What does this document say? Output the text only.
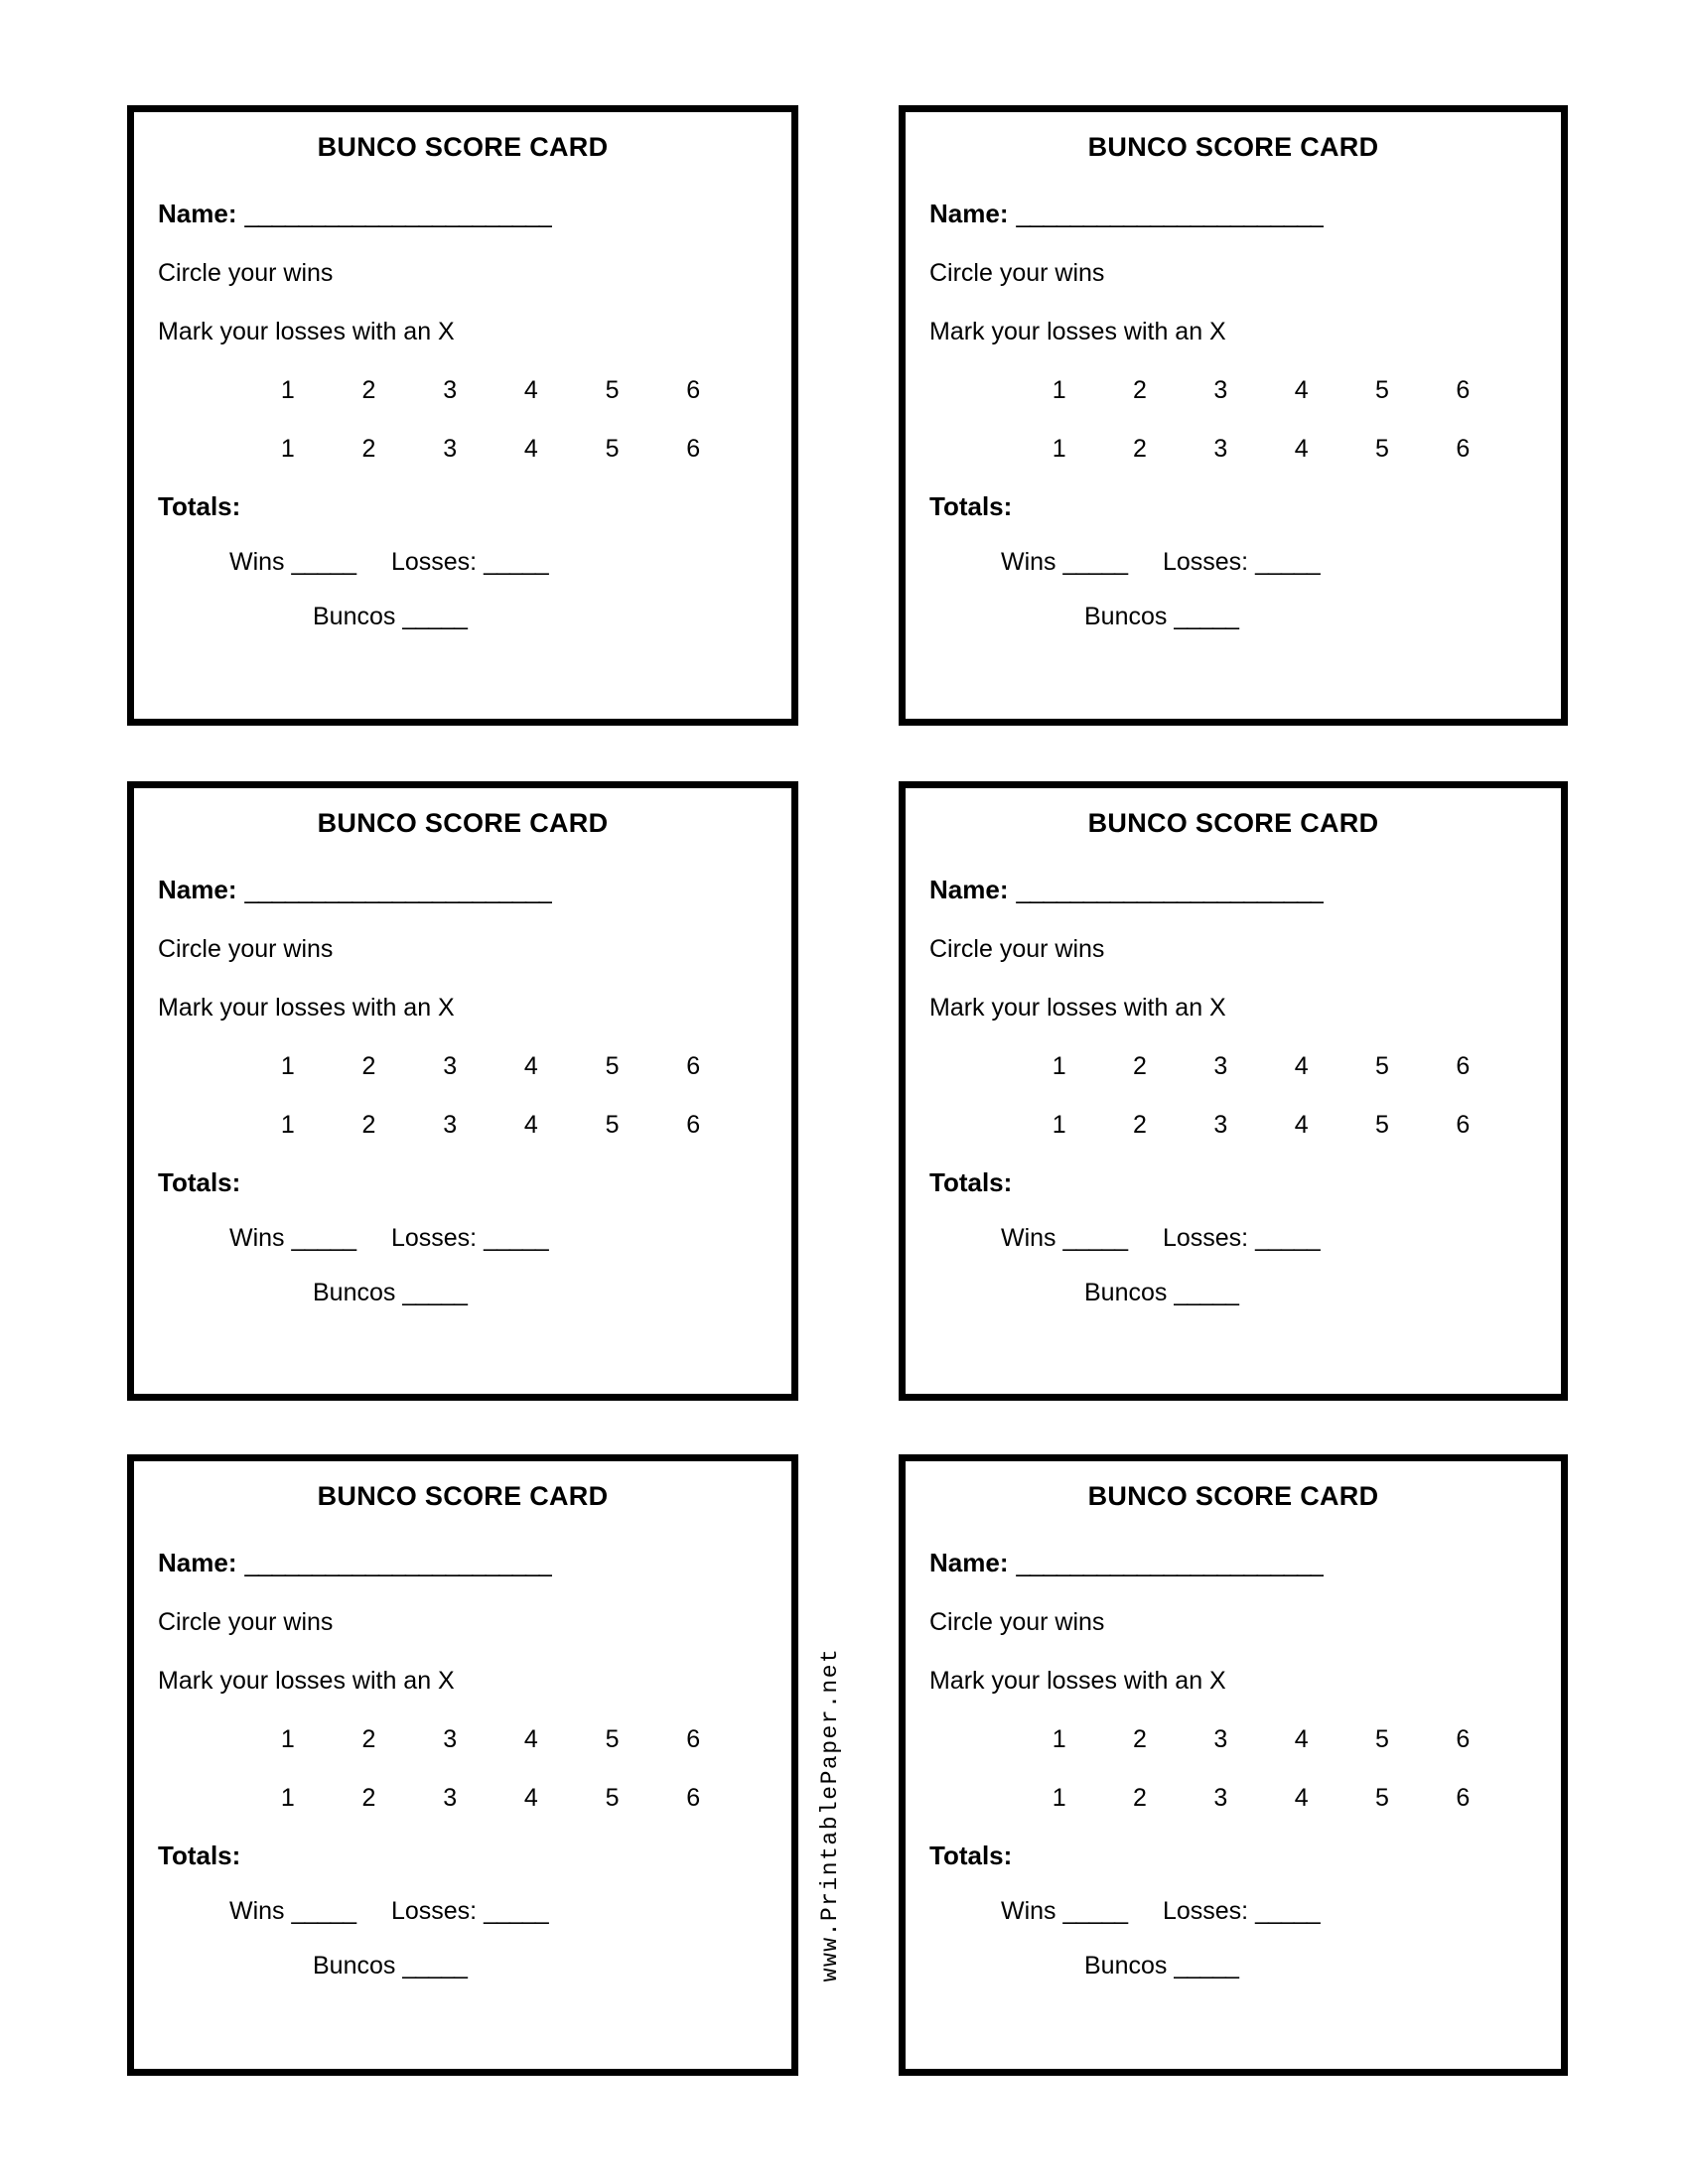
BUNCO SCORE CARD
Name: _______________________
Circle your wins
Mark your losses with an X
1	2	3	4	5	6
1	2	3	4	5	6
Totals:
Wins _____ Losses: _____
Buncos _____
BUNCO SCORE CARD
Name: _______________________
Circle your wins
Mark your losses with an X
1	2	3	4	5	6
1	2	3	4	5	6
Totals:
Wins _____ Losses: _____
Buncos _____
BUNCO SCORE CARD
Name: _______________________
Circle your wins
Mark your losses with an X
1	2	3	4	5	6
1	2	3	4	5	6
Totals:
Wins _____ Losses: _____
Buncos _____
BUNCO SCORE CARD
Name: _______________________
Circle your wins
Mark your losses with an X
1	2	3	4	5	6
1	2	3	4	5	6
Totals:
Wins _____ Losses: _____
Buncos _____
BUNCO SCORE CARD
Name: _______________________
Circle your wins
Mark your losses with an X
1	2	3	4	5	6
1	2	3	4	5	6
Totals:
Wins _____ Losses: _____
Buncos _____
BUNCO SCORE CARD
Name: _______________________
Circle your wins
Mark your losses with an X
1	2	3	4	5	6
1	2	3	4	5	6
Totals:
Wins _____ Losses: _____
Buncos _____
www.PrintablePaper.net
